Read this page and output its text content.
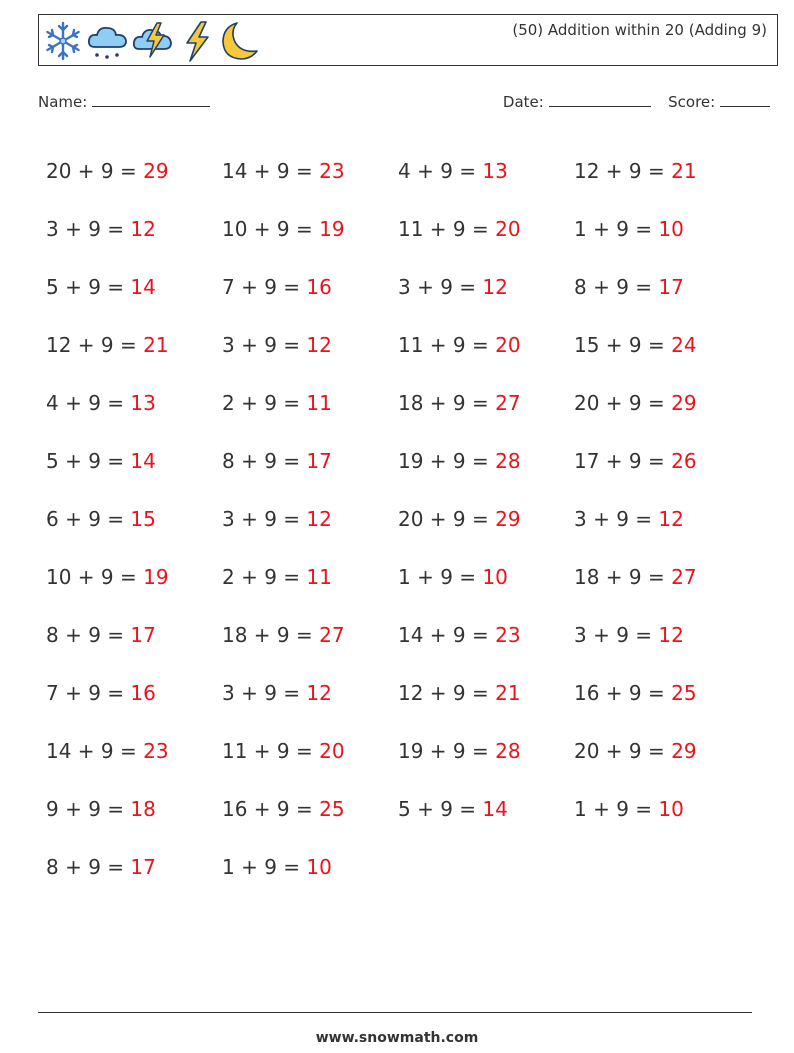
(50) Addition within 20 (Adding 9)
Name:	Date:	Score:
20 + 9 = 29	14 + 9 = 23	4 + 9 = 13	12 + 9 = 21
3 + 9 = 12	10 + 9 = 19	11 + 9 = 20	1 + 9 = 10
5 + 9 = 14	7 + 9 = 16	3 + 9 = 12	8 + 9 = 17
12 + 9 = 21	3 + 9 = 12	11 + 9 = 20	15 + 9 = 24
4 + 9 = 13	2 + 9 = 11	18 + 9 = 27	20 + 9 = 29
5 + 9 = 14	8 + 9 = 17	19 + 9 = 28	17 + 9 = 26
6 + 9 = 15	3 + 9 = 12	20 + 9 = 29	3 + 9 = 12
10 + 9 = 19	2 + 9 = 11	1 + 9 = 10	18 + 9 = 27
8 + 9 = 17	18 + 9 = 27	14 + 9 = 23	3 + 9 = 12
7 + 9 = 16	3 + 9 = 12	12 + 9 = 21	16 + 9 = 25
14 + 9 = 23	11 + 9 = 20	19 + 9 = 28	20 + 9 = 29
9 + 9 = 18	16 + 9 = 25	5 + 9 = 14	1 + 9 = 10
8 + 9 = 17	1 + 9 = 10
www.snowmath.com
